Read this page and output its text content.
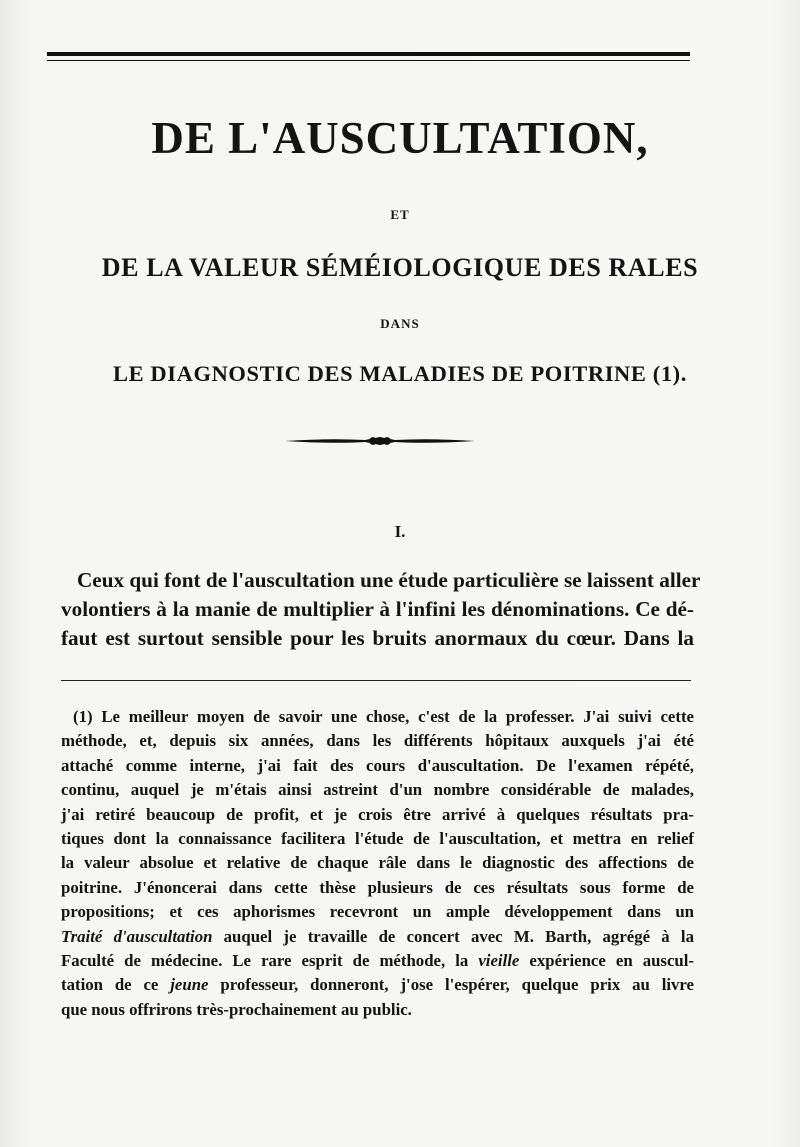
DE L'AUSCULTATION,
ET
DE LA VALEUR SÉMÉIOLOGIQUE DES RALES
DANS
LE DIAGNOSTIC DES MALADIES DE POITRINE (1).
I.
Ceux qui font de l'auscultation une étude particulière se laissent aller
volontiers à la manie de multiplier à l'infini les dénominations. Ce dé-
faut est surtout sensible pour les bruits anormaux du cœur. Dans la
(1) Le meilleur moyen de savoir une chose, c'est de la professer. J'ai suivi cette
méthode, et, depuis six années, dans les différents hôpitaux auxquels j'ai été
attaché comme interne, j'ai fait des cours d'auscultation. De l'examen répété,
continu, auquel je m'étais ainsi astreint d'un nombre considérable de malades,
j'ai retiré beaucoup de profit, et je crois être arrivé à quelques résultats pra-
tiques dont la connaissance facilitera l'étude de l'auscultation, et mettra en relief
la valeur absolue et relative de chaque râle dans le diagnostic des affections de
poitrine. J'énoncerai dans cette thèse plusieurs de ces résultats sous forme de
propositions; et ces aphorismes recevront un ample développement dans un
Traité d'auscultation auquel je travaille de concert avec M. Barth, agrégé à la
Faculté de médecine. Le rare esprit de méthode, la vieille expérience en auscul-
tation de ce jeune professeur, donneront, j'ose l'espérer, quelque prix au livre
que nous offrirons très-prochainement au public.
